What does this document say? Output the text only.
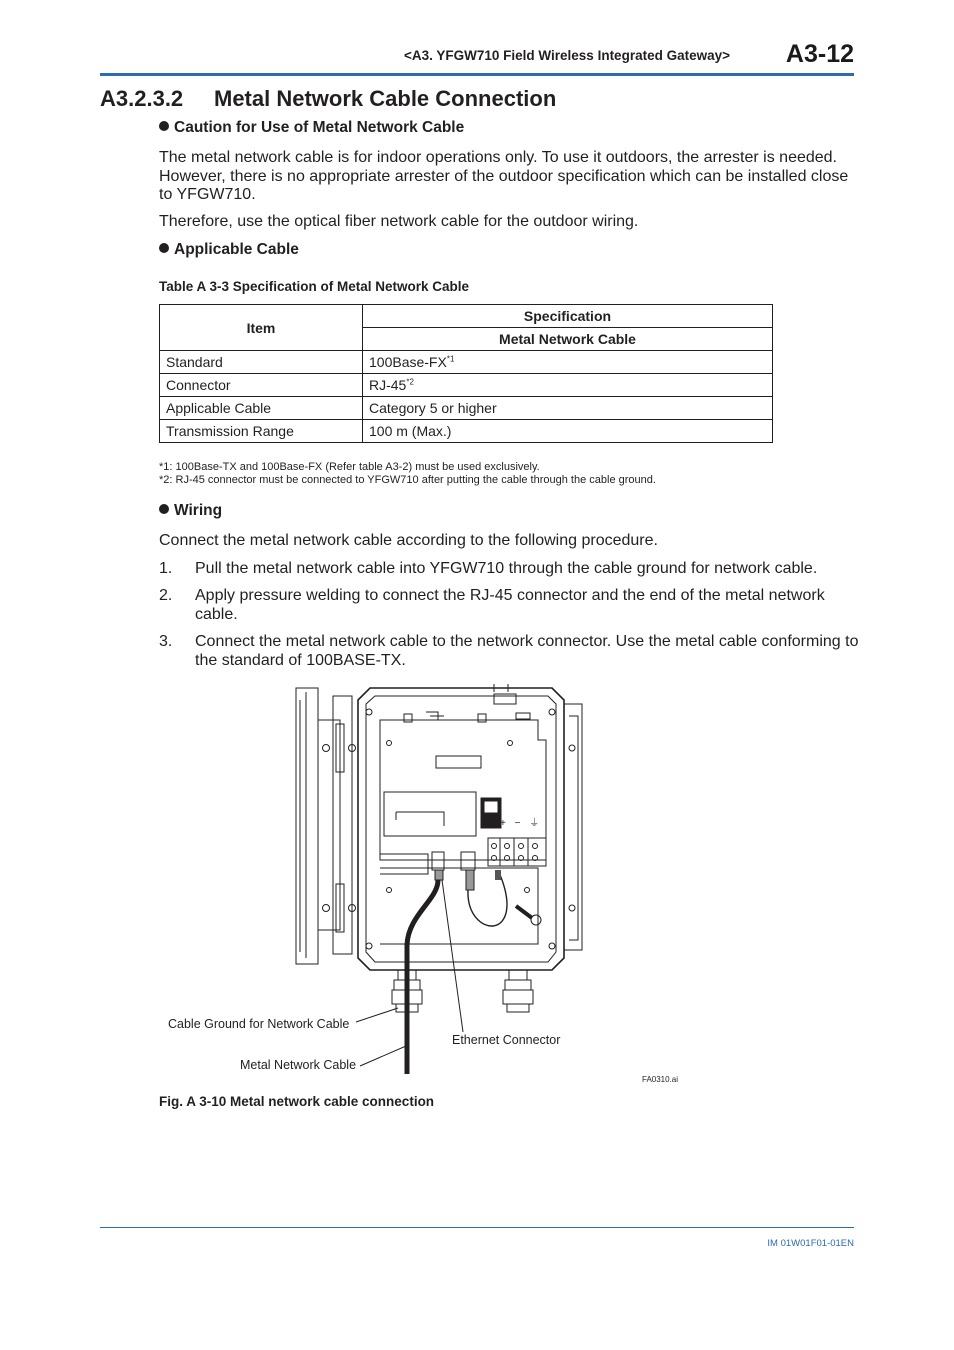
<A3. YFGW710 Field Wireless Integrated Gateway> A3-12
A3.2.3.2 Metal Network Cable Connection
Caution for Use of Metal Network Cable
The metal network cable is for indoor operations only. To use it outdoors, the arrester is needed. However, there is no appropriate arrester of the outdoor specification which can be installed close to YFGW710.
Therefore, use the optical fiber network cable for the outdoor wiring.
Applicable Cable
Table A 3-3 Specification of Metal Network Cable
Item	Specification
	Metal Network Cable
Standard	100Base-FX$^{*1}$
Connector	RJ-45$^{*2}$
Applicable Cable	Category 5 or higher
Transmission Range	100 m (Max.)
*1: 100Base-TX and 100Base-FX (Refer table A3-2) must be used exclusively.
*2: RJ-45 connector must be connected to YFGW710 after putting the cable through the cable ground.
Wiring
Connect the metal network cable according to the following procedure.
1. Pull the metal network cable into YFGW710 through the cable ground for network cable.
2. Apply pressure welding to connect the RJ-45 connector and the end of the metal network cable.
3. Connect the metal network cable to the network connector. Use the metal cable conforming to the standard of 100BASE-TX.
+ − ⏚
Cable Ground for Network Cable
Metal Network Cable
Ethernet Connector
FA0310.ai
Fig. A 3-10 Metal network cable connection
IM 01W01F01-01EN
